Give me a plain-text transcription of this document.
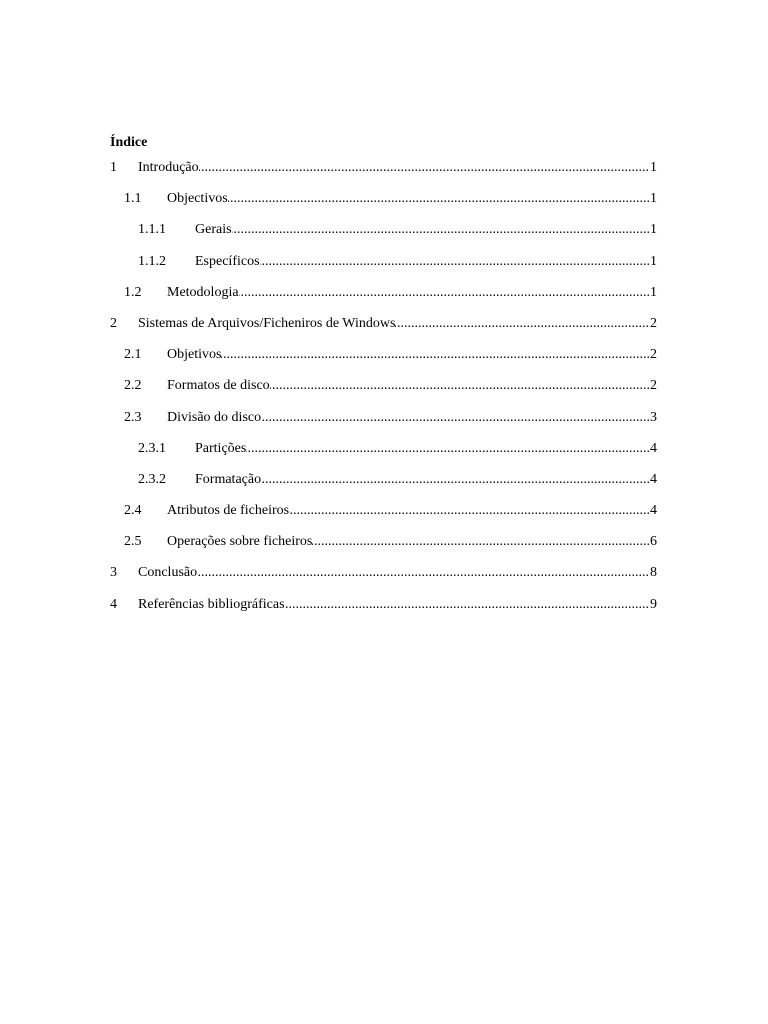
Índice
1 ..... Introdução	1
1.1 ..... Objectivos	1
1.1.1 ..... Gerais	1
1.1.2 ..... Específicos	1
1.2 ..... Metodologia	1
2 ..... Sistemas de Arquivos/Ficheniros de Windows	2
2.1 ..... Objetivos	2
2.2 ..... Formatos de disco	2
2.3 ..... Divisão do disco	3
2.3.1 ..... Partições	4
2.3.2 ..... Formatação	4
2.4 ..... Atributos de ficheiros	4
2.5 ..... Operações sobre ficheiros	6
3 ..... Conclusão	8
4 ..... Referências bibliográficas	9
